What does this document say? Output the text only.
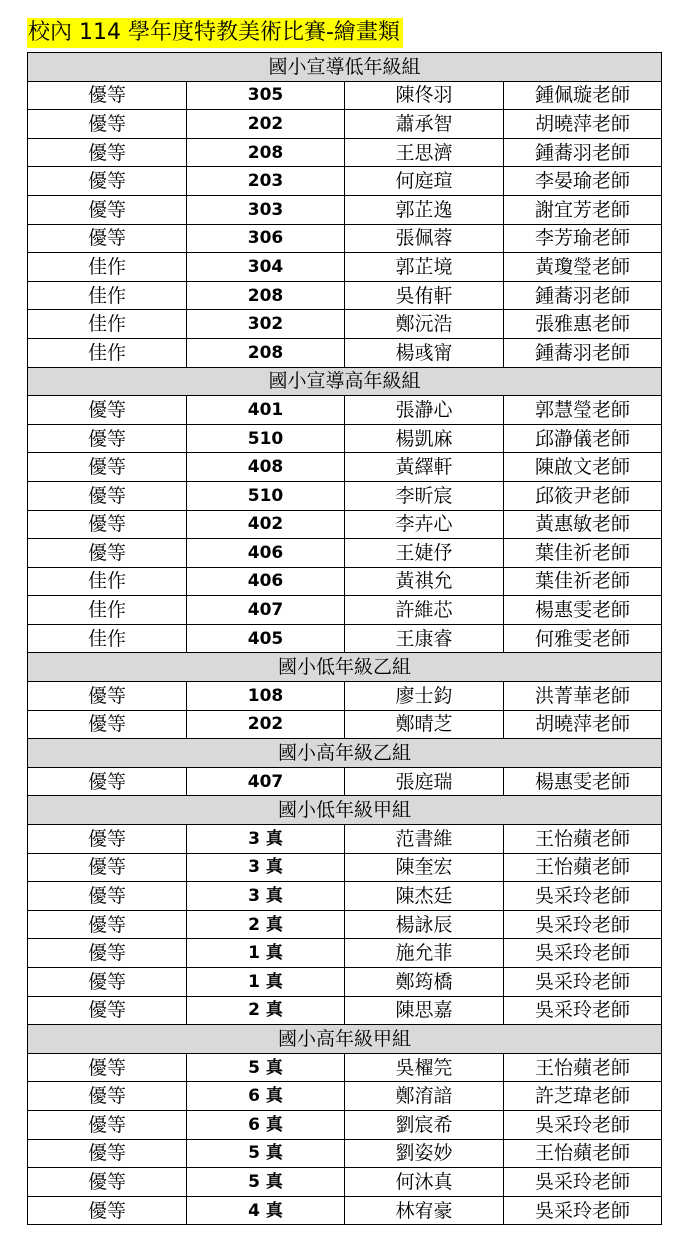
校內 114 學年度特教美術比賽-繪畫類
國小宣導低年級組			
優等	305	陳佟羽	鍾佩璇老師
優等	202	蕭承智	胡曉萍老師
優等	208	王思濟	鍾蕎羽老師
優等	203	何庭瑄	李晏瑜老師
優等	303	郭芷逸	謝宜芳老師
優等	306	張佩蓉	李芳瑜老師
佳作	304	郭芷境	黃瓊瑩老師
佳作	208	吳侑軒	鍾蕎羽老師
佳作	302	鄭沅浩	張雅惠老師
佳作	208	楊彧甯	鍾蕎羽老師
國小宣導高年級組			
優等	401	張瀞心	郭慧瑩老師
優等	510	楊凱麻	邱瀞儀老師
優等	408	黃繹軒	陳啟文老師
優等	510	李昕宸	邱筱尹老師
優等	402	李卉心	黃惠敏老師
優等	406	王婕伃	葉佳祈老師
佳作	406	黃祺允	葉佳祈老師
佳作	407	許維芯	楊惠雯老師
佳作	405	王康睿	何雅雯老師
國小低年級乙組			
優等	108	廖士鈞	洪菁華老師
優等	202	鄭晴芝	胡曉萍老師
國小高年級乙組			
優等	407	張庭瑞	楊惠雯老師
國小低年級甲組			
優等	3 真	范書維	王怡蘋老師
優等	3 真	陳奎宏	王怡蘋老師
優等	3 真	陳杰廷	吳采玲老師
優等	2 真	楊詠辰	吳采玲老師
優等	1 真	施允菲	吳采玲老師
優等	1 真	鄭筠橋	吳采玲老師
優等	2 真	陳思嘉	吳采玲老師
國小高年級甲組			
優等	5 真	吳櫂笎	王怡蘋老師
優等	6 真	鄭淯諳	許芝瑋老師
優等	6 真	劉宸希	吳采玲老師
優等	5 真	劉姿妙	王怡蘋老師
優等	5 真	何沐真	吳采玲老師
優等	4 真	林宥豪	吳采玲老師
